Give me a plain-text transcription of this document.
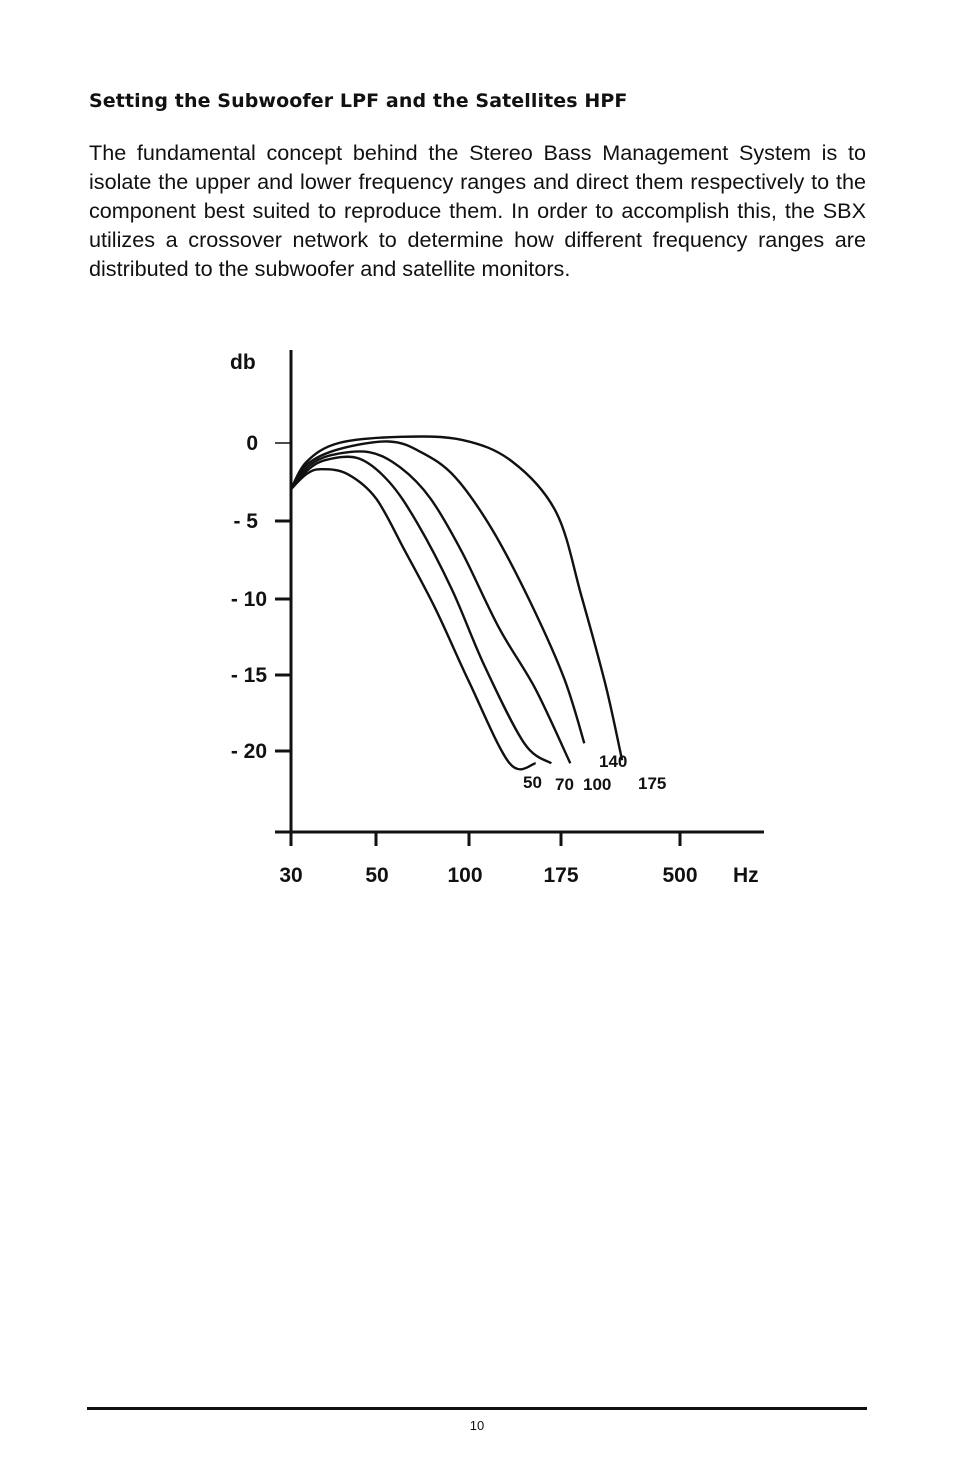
Setting the Subwoofer LPF and the Satellites HPF

The fundamental concept behind the Stereo Bass Management System is to isolate the upper and lower frequency ranges and direct them respectively to the component best suited to reproduce them. In order to accomplish this, the SBX utilizes a crossover network to determine how different frequency ranges are distributed to the subwoofer and satellite monitors.

db
Hz
0
- 5
- 10
- 15
- 20
30	50	100	175	500
50 70 100
140
175
10
